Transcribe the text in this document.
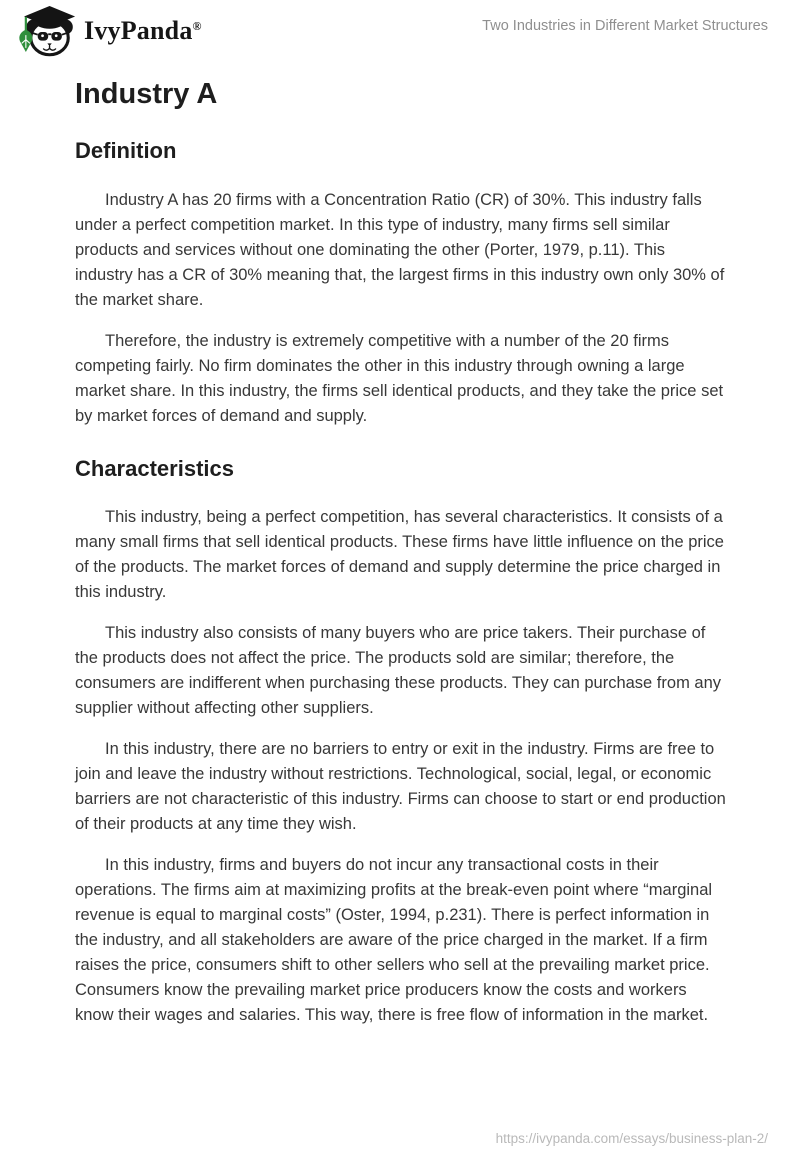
IvyPanda®	Two Industries in Different Market Structures
Industry A
Definition

Industry A has 20 firms with a Concentration Ratio (CR) of 30%. This industry falls under a perfect competition market. In this type of industry, many firms sell similar products and services without one dominating the other (Porter, 1979, p.11). This industry has a CR of 30% meaning that, the largest firms in this industry own only 30% of the market share.

Therefore, the industry is extremely competitive with a number of the 20 firms competing fairly. No firm dominates the other in this industry through owning a large market share. In this industry, the firms sell identical products, and they take the price set by market forces of demand and supply.

Characteristics

This industry, being a perfect competition, has several characteristics. It consists of a many small firms that sell identical products. These firms have little influence on the price of the products. The market forces of demand and supply determine the price charged in this industry.

This industry also consists of many buyers who are price takers. Their purchase of the products does not affect the price. The products sold are similar; therefore, the consumers are indifferent when purchasing these products. They can purchase from any supplier without affecting other suppliers.

In this industry, there are no barriers to entry or exit in the industry. Firms are free to join and leave the industry without restrictions. Technological, social, legal, or economic barriers are not characteristic of this industry. Firms can choose to start or end production of their products at any time they wish.

In this industry, firms and buyers do not incur any transactional costs in their operations. The firms aim at maximizing profits at the break-even point where “marginal revenue is equal to marginal costs” (Oster, 1994, p.231). There is perfect information in the industry, and all stakeholders are aware of the price charged in the market. If a firm raises the price, consumers shift to other sellers who sell at the prevailing market price. Consumers know the prevailing market price producers know the costs and workers know their wages and salaries. This way, there is free flow of information in the market.

https://ivypanda.com/essays/business-plan-2/
